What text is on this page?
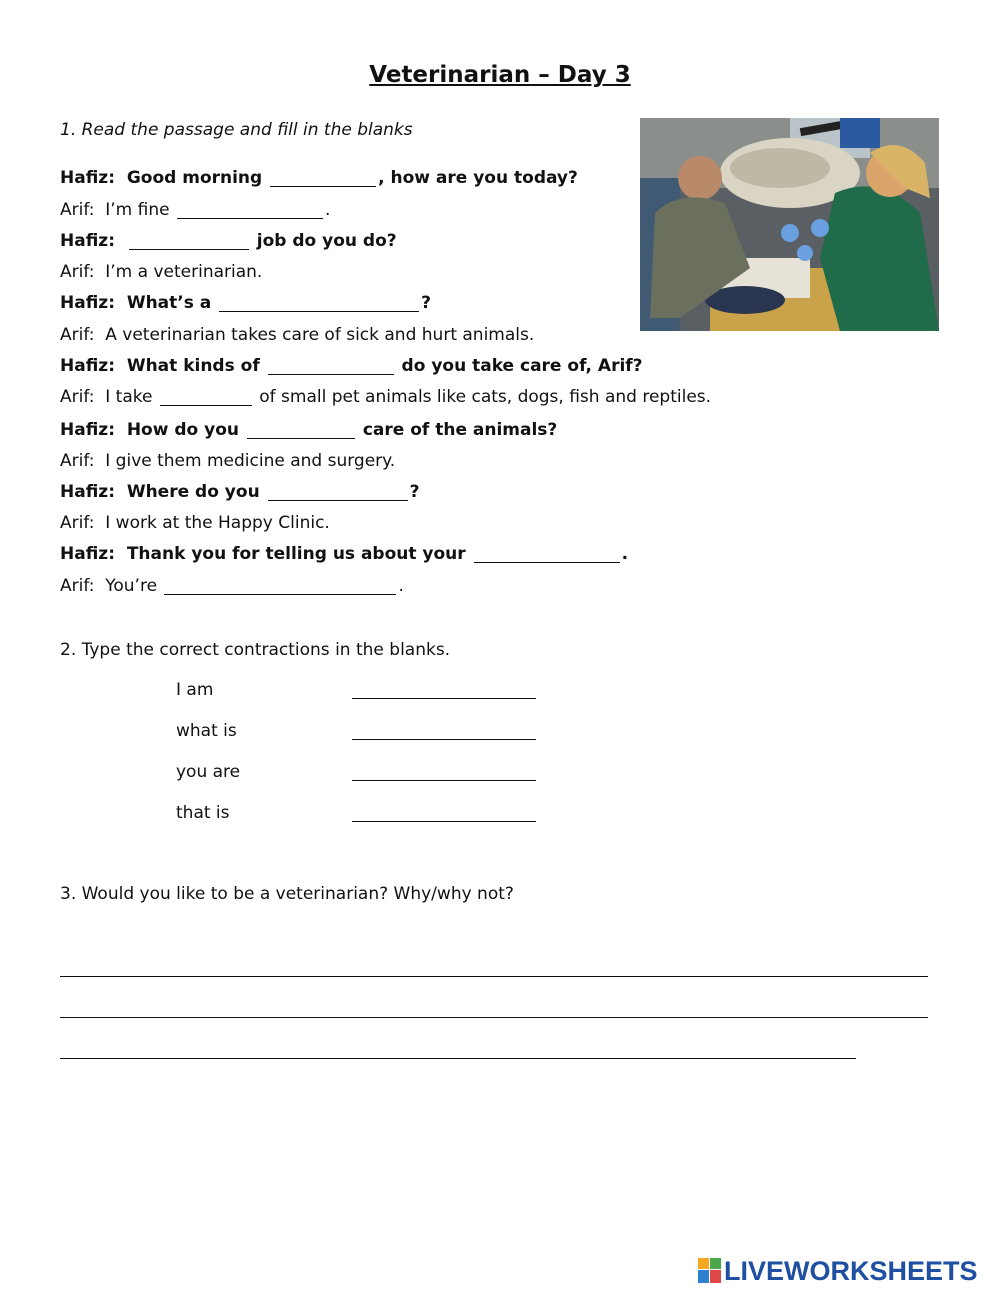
Veterinarian – Day 3
1. Read the passage and fill in the blanks
Hafiz:  Good morning	, how are you today?
Arif:  I’m fine	.
Hafiz:	job do you do?
Arif:  I’m a veterinarian.
Hafiz:  What’s a	?
Arif:  A veterinarian takes care of sick and hurt animals.
Hafiz:  What kinds of	do you take care of, Arif?
Arif:  I take	of small pet animals like cats, dogs, fish and reptiles.
Hafiz:  How do you	care of the animals?
Arif:  I give them medicine and surgery.
Hafiz:  Where do you	?
Arif:  I work at the Happy Clinic.
Hafiz:  Thank you for telling us about your	.
Arif:  You’re	.
2. Type the correct contractions in the blanks.
I am
what is
you are
that is
3. Would you like to be a veterinarian? Why/why not?
LIVEWORKSHEETS
